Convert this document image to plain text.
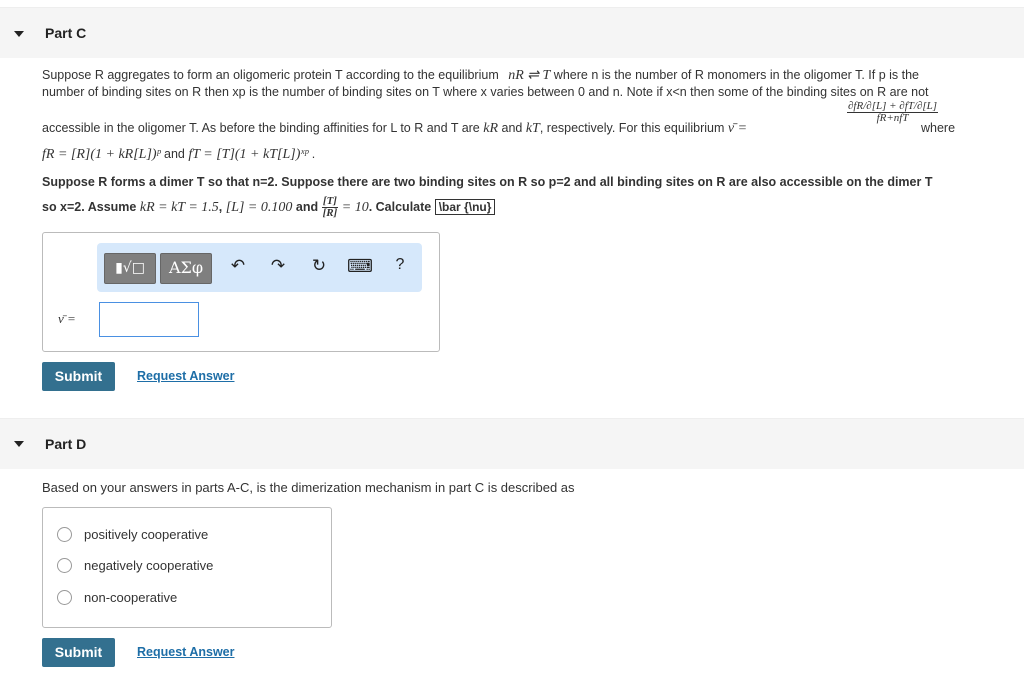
Part C
Suppose R aggregates to form an oligomeric protein T according to the equilibrium nR ⇌ T where n is the number of R monomers in the oligomer T. If p is the
number of binding sites on R then xp is the number of binding sites on T where x varies between 0 and n. Note if x<n then some of the binding sites on R are not
accessible in the oligomer T. As before the binding affinities for L to R and T are kR and kT, respectively. For this equilibrium ν̄ =
$\frac{\partial fR/\partial[L] + \partial fT/\partial[L]}{\text{fR+nfT}}$
where
fR = [R](1 + kR[L])ᵖ and fT = [T](1 + kT[L])ˣᵖ .
Suppose R forms a dimer T so that n=2. Suppose there are two binding sites on R so p=2 and all binding sites on R are also accessible on the dimer T
so x=2. Assume kR = kT = 1.5, [L] = 0.100 and $\frac{[T]}{[R]} = 10$. Calculate \bar {\nu}
▮√□	ΑΣφ	↶ ↷ ↻ ⌨	?
ν̄ =
Submit	Request Answer
Part D
Based on your answers in parts A-C, is the dimerization mechanism in part C is described as
positively cooperative
negatively cooperative
non-cooperative
Submit	Request Answer
